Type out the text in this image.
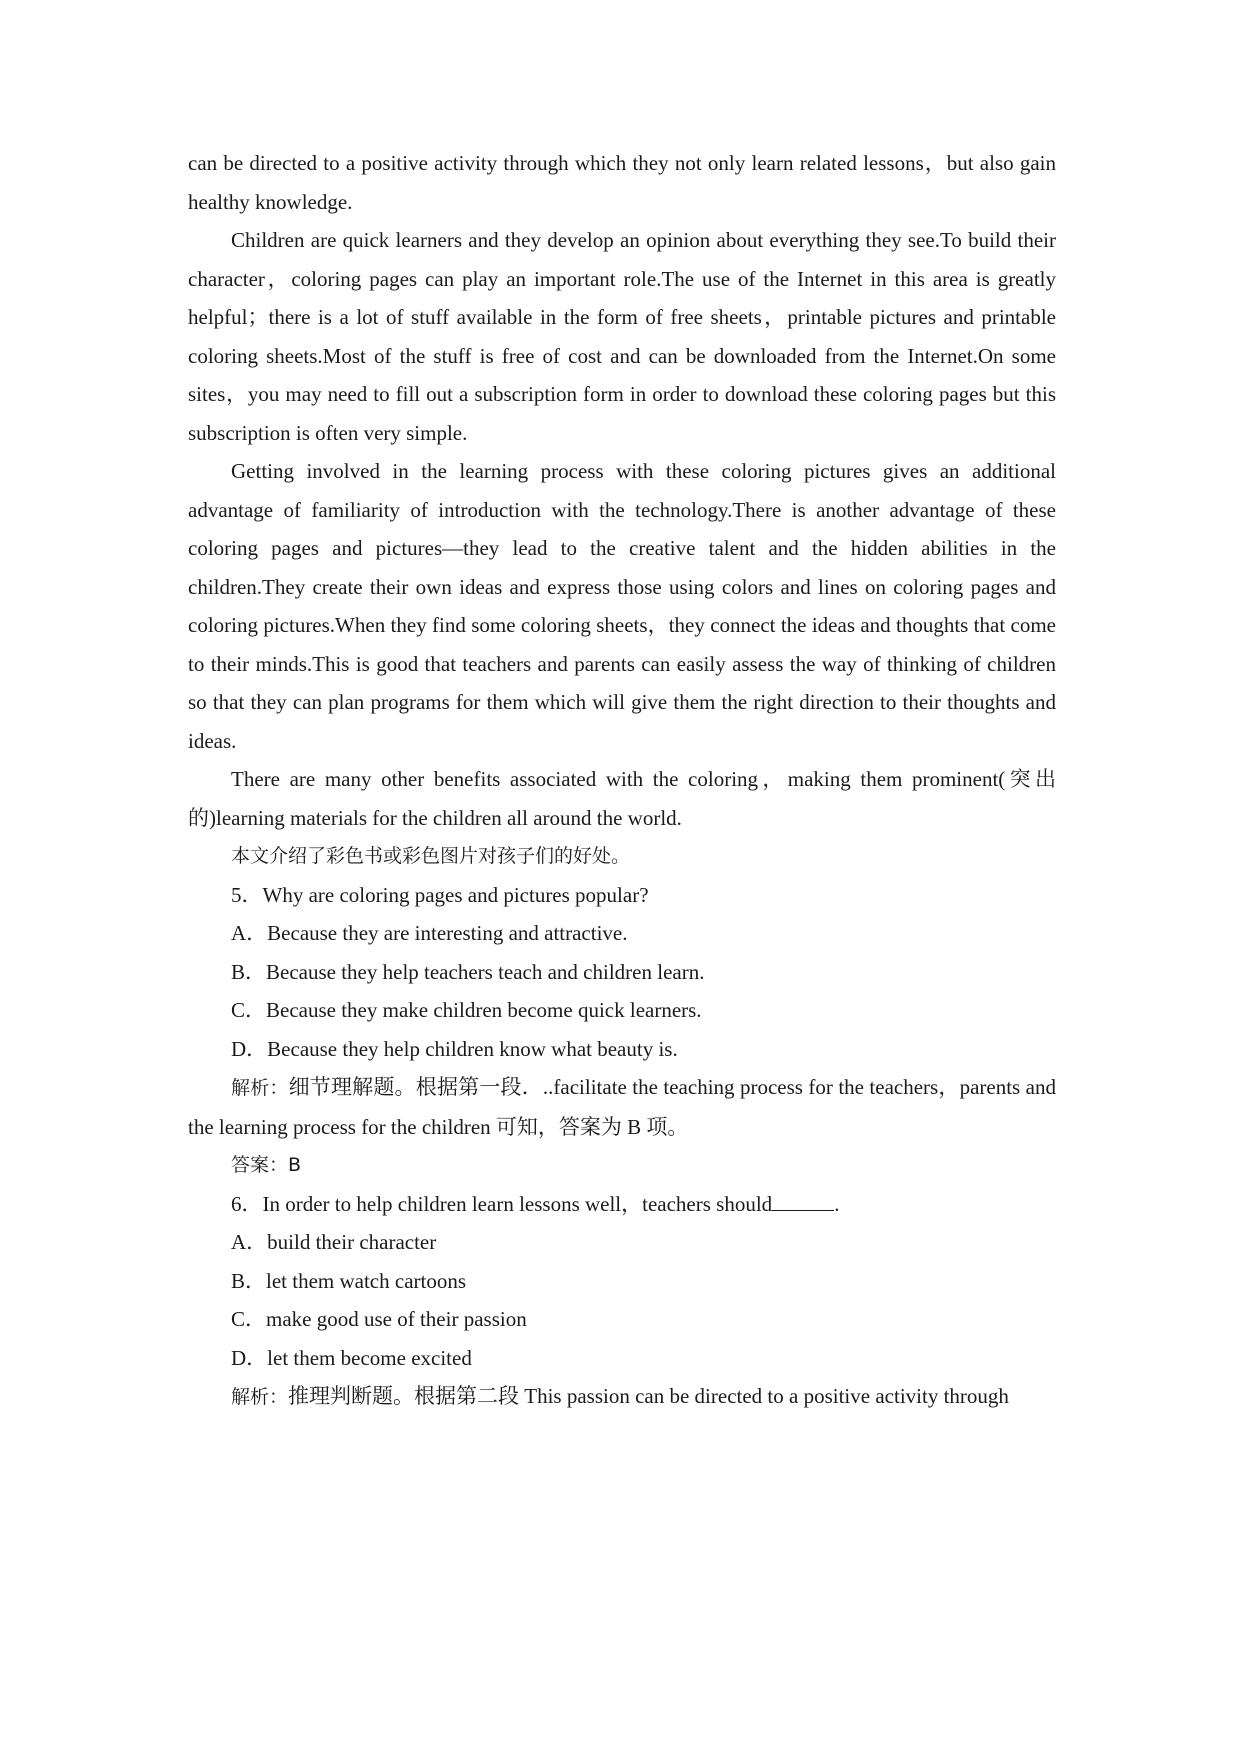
can be directed to a positive activity through which they not only learn related lessons，but also gain healthy knowledge.

Children are quick learners and they develop an opinion about everything they see.To build their character，coloring pages can play an important role.The use of the Internet in this area is greatly helpful；there is a lot of stuff available in the form of free sheets，printable pictures and printable coloring sheets.Most of the stuff is free of cost and can be downloaded from the Internet.On some sites，you may need to fill out a subscription form in order to download these coloring pages but this subscription is often very simple.

Getting involved in the learning process with these coloring pictures gives an additional advantage of familiarity of introduction with the technology.There is another advantage of these coloring pages and pictures—they lead to the creative talent and the hidden abilities in the children.They create their own ideas and express those using colors and lines on coloring pages and coloring pictures.When they find some coloring sheets，they connect the ideas and thoughts that come to their minds.This is good that teachers and parents can easily assess the way of thinking of children so that they can plan programs for them which will give them the right direction to their thoughts and ideas.

There are many other benefits associated with the coloring，making them prominent(突出的)learning materials for the children all around the world.

本文介绍了彩色书或彩色图片对孩子们的好处。

5．Why are coloring pages and pictures popular?

A．Because they are interesting and attractive.

B．Because they help teachers teach and children learn.

C．Because they make children become quick learners.

D．Because they help children know what beauty is.

解析：细节理解题。根据第一段．..facilitate the teaching process for the teachers，parents and the learning process for the children 可知，答案为 B 项。

答案：B

6．In order to help children learn lessons well，teachers should	.

A．build their character

B．let them watch cartoons

C．make good use of their passion

D．let them become excited

解析：推理判断题。根据第二段 This passion can be directed to a positive activity through
